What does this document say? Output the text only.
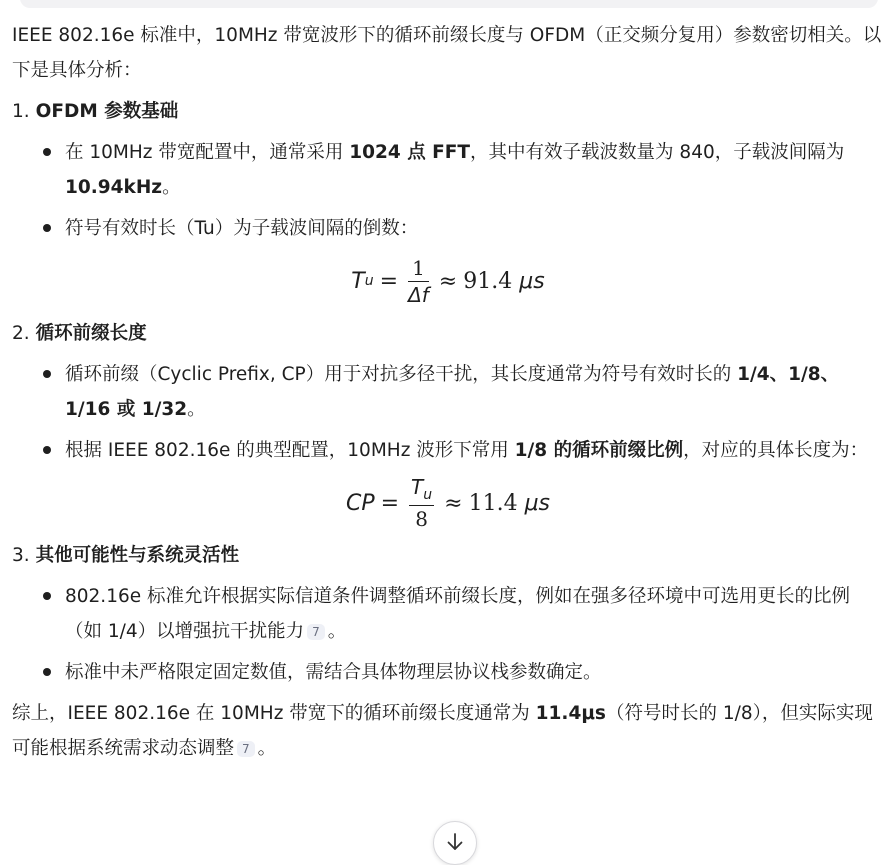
IEEE 802.16e 标准中，10MHz 带宽波形下的循环前缀长度与 OFDM（正交频分复用）参数密切相关。以下是具体分析：

1. OFDM 参数基础
在 10MHz 带宽配置中，通常采用 1024 点 FFT，其中有效子载波数量为 840，子载波间隔为 10.94kHz。
符号有效时长（Tu）为子载波间隔的倒数：
T $u = \frac{1}{\Delta f} \approx 91.4$
μs
2. 循环前缀长度
循环前缀（Cyclic Prefix, CP）用于对抗多径干扰，其长度通常为符号有效时长的 1/4、1/8、1/16 或 1/32。
根据 IEEE 802.16e 的典型配置，10MHz 波形下常用 1/8 的循环前缀比例，对应的具体长度为：
CP = $\frac{T_u}{8} \approx 11.4$
μs
3. 其他可能性与系统灵活性
802.16e 标准允许根据实际信道条件调整循环前缀长度，例如在强多径环境中可选用更长的比例（如 1/4）以增强抗干扰能力 7 。
标准中未严格限定固定数值，需结合具体物理层协议栈参数确定。

综上，IEEE 802.16e 在 10MHz 带宽下的循环前缀长度通常为 11.4μs（符号时长的 1/8），但实际实现可能根据系统需求动态调整 7 。
